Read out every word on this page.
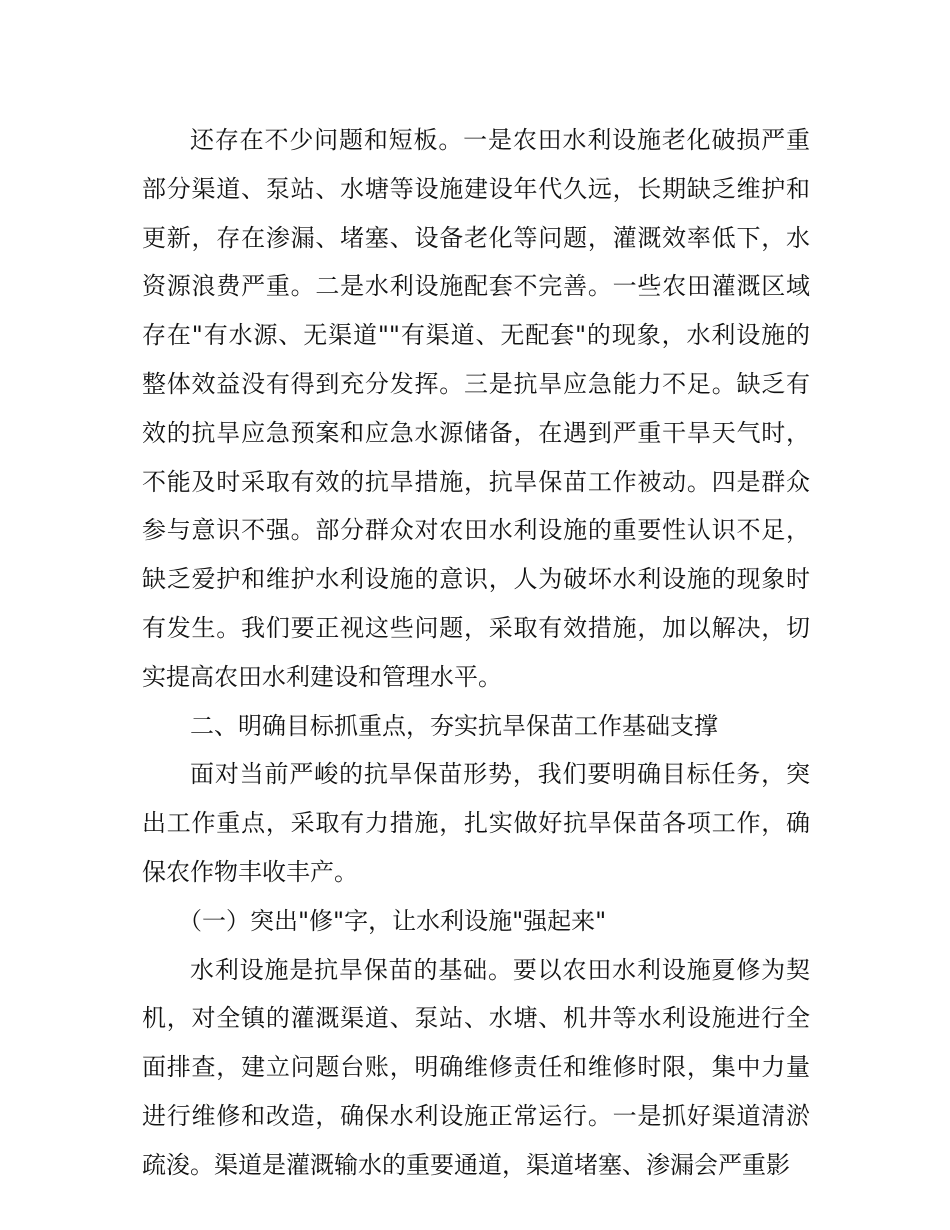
还存在不少问题和短板。一是农田水利设施老化破损严重部分渠道、泵站、水塘等设施建设年代久远，长期缺乏维护和更新，存在渗漏、堵塞、设备老化等问题，灌溉效率低下，水资源浪费严重。二是水利设施配套不完善。一些农田灌溉区域存在"有水源、无渠道""有渠道、无配套"的现象，水利设施的整体效益没有得到充分发挥。三是抗旱应急能力不足。缺乏有效的抗旱应急预案和应急水源储备，在遇到严重干旱天气时，不能及时采取有效的抗旱措施，抗旱保苗工作被动。四是群众参与意识不强。部分群众对农田水利设施的重要性认识不足，缺乏爱护和维护水利设施的意识，人为破坏水利设施的现象时有发生。我们要正视这些问题，采取有效措施，加以解决，切实提高农田水利建设和管理水平。

二、明确目标抓重点，夯实抗旱保苗工作基础支撑

面对当前严峻的抗旱保苗形势，我们要明确目标任务，突出工作重点，采取有力措施，扎实做好抗旱保苗各项工作，确保农作物丰收丰产。

（一）突出"修"字，让水利设施"强起来"

水利设施是抗旱保苗的基础。要以农田水利设施夏修为契机，对全镇的灌溉渠道、泵站、水塘、机井等水利设施进行全面排查，建立问题台账，明确维修责任和维修时限，集中力量进行维修和改造，确保水利设施正常运行。一是抓好渠道清淤疏浚。渠道是灌溉输水的重要通道，渠道堵塞、渗漏会严重影
